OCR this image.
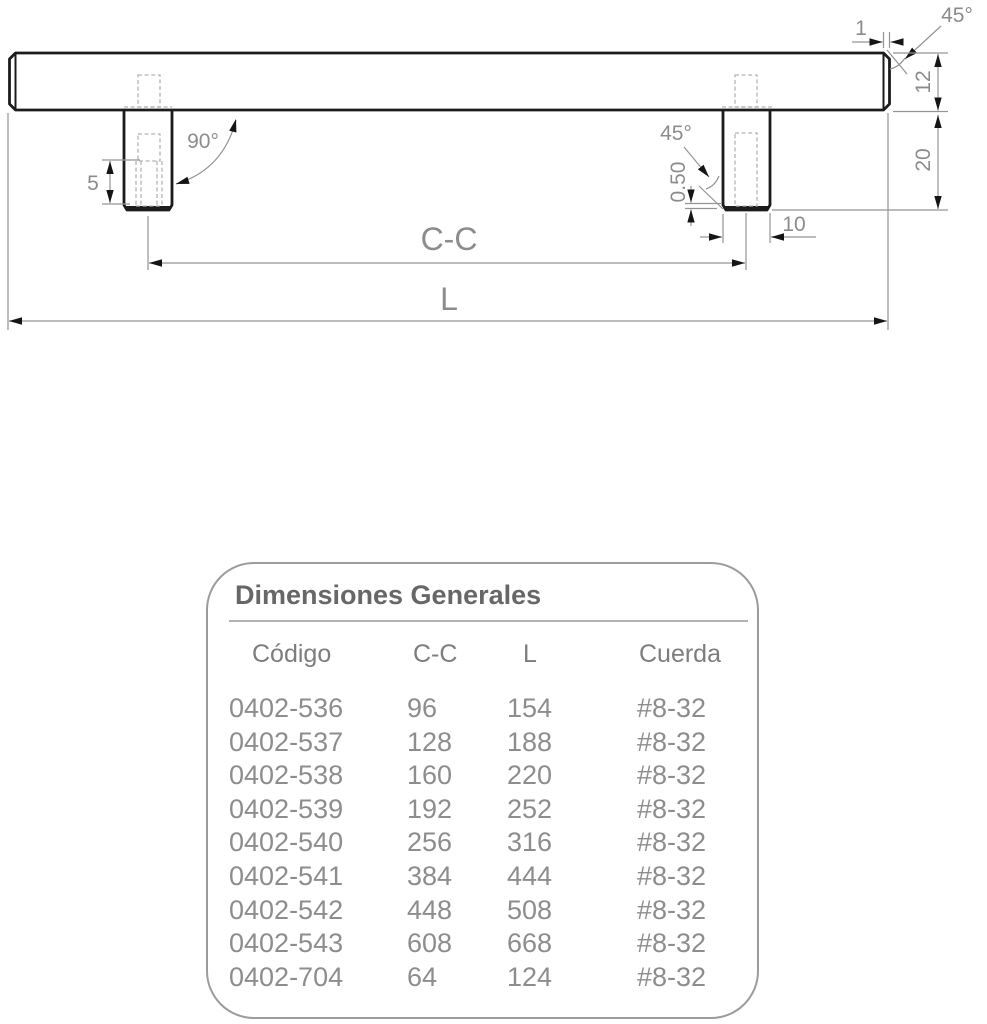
1
45°
12
20
90°
5
45°
0.50
10
C-C
L
Dimensiones Generales
Código	C-C	L	Cuerda
0402-536	96	154	#8-32
0402-537	128	188	#8-32
0402-538	160	220	#8-32
0402-539	192	252	#8-32
0402-540	256	316	#8-32
0402-541	384	444	#8-32
0402-542	448	508	#8-32
0402-543	608	668	#8-32
0402-704	64	124	#8-32
